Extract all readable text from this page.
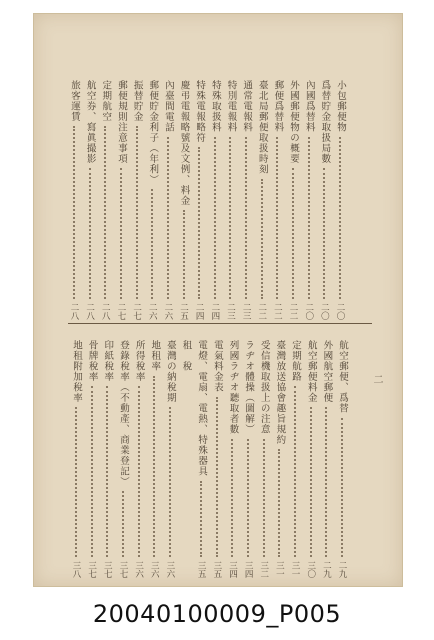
小包郵便物
二〇
爲替貯金取扱局數
二〇
內國爲替料
二〇
外國郵便物の概要
二二
郵便爲替料
二二
臺北局郵便取扱時刻
二二
通常電報料
二三
特別電報料
二三
特殊取扱料
二四
特殊電報略符
二四
慶弔電報略號及文例、料金
二五
內臺間電話
二六
郵便貯金利子（年利）
二六
振替貯金
二七
郵便規則注意事項
二七
定期航空
二八
航空券、寫眞撮影
二八
旅客運賃
二八
航空郵便、爲替
二九
外國航空郵便
二九
航空郵便料金
三〇
定期航路
三一
臺灣放送協會趣旨規約
三一
受信機取扱上の注意
三二
ラヂオ體操（圖解）
三四
列國ラヂオ聽取者數
三四
電氣料金表
三五
電燈、電扇、電熱、特殊器具
三五
租　稅
臺灣の納稅期
三六
地租率
三六
所得稅率
三六
登錄稅率（不動產、商業登記）
三七
印紙稅率
三七
骨牌稅率
三七
地租附加稅率
三八
二
20040100009_P005
